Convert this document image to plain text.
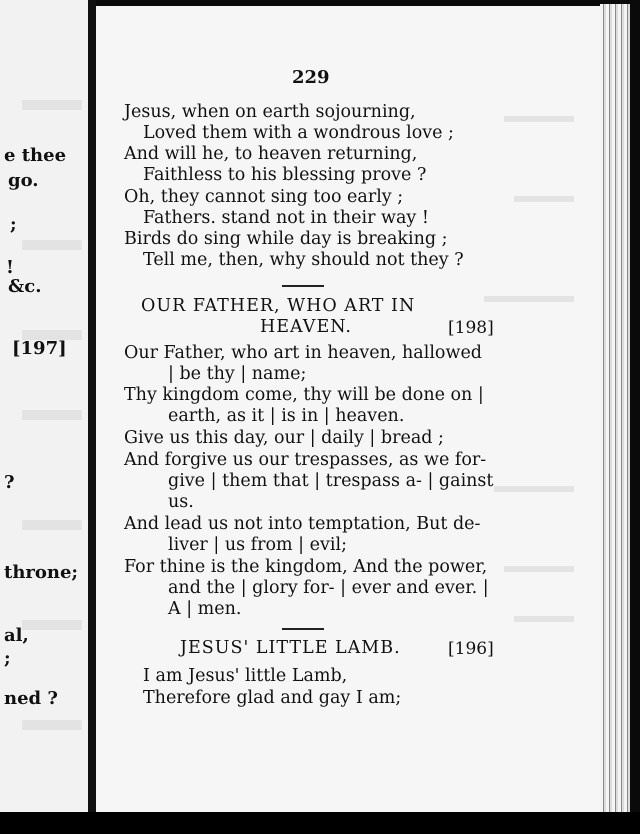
e thee
go.
;
!
&c.
[197]
?
throne;
al,
;
ned ?
229
Jesus, when on earth sojourning,
Loved them with a wondrous love ;
And will he, to heaven returning,
Faithless to his blessing prove ?
Oh, they cannot sing too early ;
Fathers. stand not in their way !
Birds do sing while day is breaking ;
Tell me, then, why should not they ?
OUR FATHER, WHO ART IN
HEAVEN.	[198]
Our Father, who art in heaven, hallowed
| be thy | name;
Thy kingdom come, thy will be done on |
earth, as it | is in | heaven.
Give us this day, our | daily | bread ;
And forgive us our trespasses, as we for-
give | them that | trespass a- | gainst
us.
And lead us not into temptation, But de-
liver | us from | evil;
For thine is the kingdom, And the power,
and the | glory for- | ever and ever. |
A | men.
JESUS' LITTLE LAMB.	[196]
I am Jesus' little Lamb,
Therefore glad and gay I am;
